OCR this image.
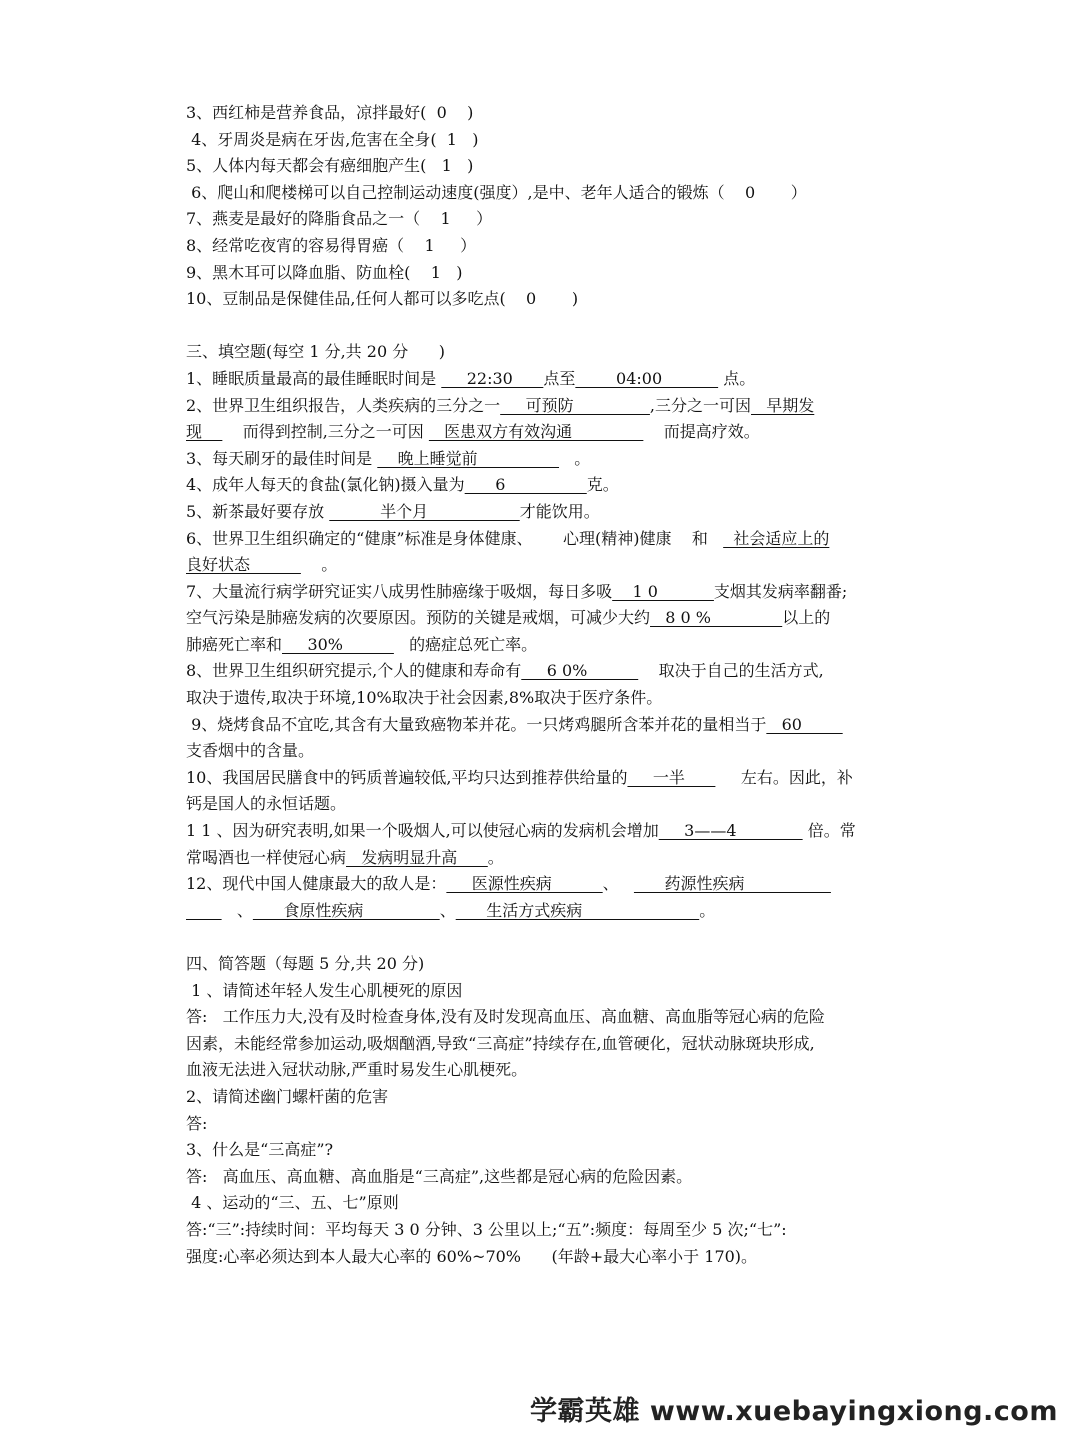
3、西红柿是营养食品，凉拌最好(  0    )

4、牙周炎是病在牙齿,危害在全身(  1   )

5、人体内每天都会有癌细胞产生(   1   )

6、爬山和爬楼梯可以自己控制运动速度(强度）,是中、老年人适合的锻炼（    0       ）

7、燕麦是最好的降脂食品之一（    1     ）

8、经常吃夜宵的容易得胃癌（    1     ）

9、黑木耳可以降血脂、防血栓(    1   )

10、豆制品是保健佳品,任何人都可以多吃点(    0       )

三、填空题(每空 1 分,共 20 分      )

1、睡眠质量最高的最佳睡眠时间是      22:30      点至        04:00            点。

2、世界卫生组织报告，人类疾病的三分之一     可预防               ,三分之一可因   早期发

现        而得到控制,三分之一可因    医患双方有效沟通                  而提高疗效。

3、每天刷牙的最佳时间是     晚上睡觉前                   。

4、成年人每天的食盐(氯化钠)摄入量为      6                克。

5、新茶最好要存放           半个月                  才能饮用。

6、世界卫生组织确定的“健康”标准是身体健康、      心理(精神)健康    和     社会适应上的

良好状态              。

7、大量流行病学研究证实八成男性肺癌缘于吸烟，每日多吸    1 0           支烟其发病率翻番;

空气污染是肺癌发病的次要原因。预防的关键是戒烟，可减少大约   8 0 %              以上的

肺癌死亡率和     30%             的癌症总死亡率。

8、世界卫生组织研究提示,个人的健康和寿命有     6 0%              取决于自己的生活方式,

取决于遗传,取决于环境,10%取决于社会因素,8%取决于医疗条件。

9、烧烤食品不宜吃,其含有大量致癌物苯并花。一只烤鸡腿所含苯并花的量相当于   60

支香烟中的含量。

10、我国居民膳食中的钙质普遍较低,平均只达到推荐供给量的     一半           左右。因此，补

钙是国人的永恒话题。

1 1 、因为研究表明,如果一个吸烟人,可以使冠心病的发病机会增加     3——4              倍。常

常喝酒也一样使冠心病   发病明显升高      。

12、现代中国人健康最大的敌人是：     医源性疾病          、         药源性疾病

、      食原性疾病               、      生活方式疾病                       。

四、简答题（每题 5 分,共 20 分)

1 、请简述年轻人发生心肌梗死的原因

答:   工作压力大,没有及时检查身体,没有及时发现高血压、高血糖、高血脂等冠心病的危险

因素，未能经常参加运动,吸烟酗酒,导致“三高症”持续存在,血管硬化，冠状动脉斑块形成,

血液无法进入冠状动脉,严重时易发生心肌梗死。

2、请简述幽门螺杆菌的危害

答:

3、什么是“三高症”?

答:   高血压、高血糖、高血脂是“三高症”,这些都是冠心病的危险因素。

4 、运动的“三、五、七”原则

答:“三”:持续时间：平均每天 3 0 分钟、3 公里以上;“五”:频度：每周至少 5 次;“七”:

强度:心率必须达到本人最大心率的 60%~70%      (年龄+最大心率小于 170)。

学霸英雄 www.xuebayingxiong.com
